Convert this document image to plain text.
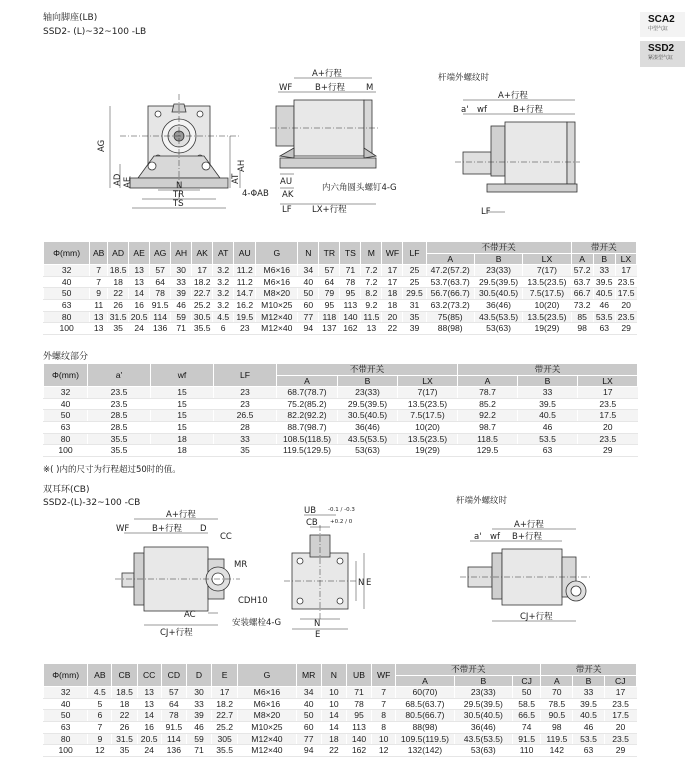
SCA2
中型气缸
SSD2
紧凑型气缸
轴向脚座(LB)
SSD2- (L)~32~100 -LB
AG
AD AE
AH
AT
N
TR
TS
4-ΦAB
A+行程
B+行程
WF	M
AU
AK
LF LX+行程
内六角圆头螺钉4-G
杆端外螺纹时
A+行程
a' wf	B+行程
LF
Φ(mm)	AB	AD	AE	AG	AH	AK	AT	AU	G	N	TR	TS	M	WF	LF	不带开关			带开关		
																A	B	LX	A	B	LX
32	7	18.5	13	57	30	17	3.2	11.2	M6×16	34	57	71	7.2	17	25	47.2(57.2)	23(33)	7(17)	57.2	33	17
40	7	18	13	64	33	18.2	3.2	11.2	M6×16	40	64	78	7.2	17	25	53.7(63.7)	29.5(39.5)	13.5(23.5)	63.7	39.5	23.5
50	9	22	14	78	39	22.7	3.2	14.7	M8×20	50	79	95	8.2	18	29.5	56.7(66.7)	30.5(40.5)	7.5(17.5)	66.7	40.5	17.5
63	11	26	16	91.5	46	25.2	3.2	16.2	M10×25	60	95	113	9.2	18	31	63.2(73.2)	36(46)	10(20)	73.2	46	20
80	13	31.5	20.5	114	59	30.5	4.5	19.5	M12×40	77	118	140	11.5	20	35	75(85)	43.5(53.5)	13.5(23.5)	85	53.5	23.5
100	13	35	24	136	71	35.5	6	23	M12×40	94	137	162	13	22	39	88(98)	53(63)	19(29)	98	63	29
外螺纹部分
Φ(mm)	a'	wf	LF	不带开关			带开关		
				A	B	LX	A	B	LX
32	23.5	15	23	68.7(78.7)	23(33)	7(17)	78.7	33	17
40	23.5	15	23	75.2(85.2)	29.5(39.5)	13.5(23.5)	85.2	39.5	23.5
50	28.5	15	26.5	82.2(92.2)	30.5(40.5)	7.5(17.5)	92.2	40.5	17.5
63	28.5	15	28	88.7(98.7)	36(46)	10(20)	98.7	46	20
80	35.5	18	33	108.5(118.5)	43.5(53.5)	13.5(23.5)	118.5	53.5	23.5
100	35.5	18	35	119.5(129.5)	53(63)	19(29)	129.5	63	29
※( )内的尺寸为行程超过50时的值。
双耳环(CB)
SSD2-(L)-32~100 -CB
A+行程
B+行程
WF	D
CC
MR
CDH10
AC
CJ+行程
安装螺栓4-G
UB
CB
N
E
N E
-0.1 / -0.3
+0.2 / 0
杆端外螺纹时
A+行程
a' wf B+行程
CJ+行程
Φ(mm)	AB	CB	CC	CD	D	E	G	MR	N	UB	WF	不带开关			带开关		
												A	B	CJ	A	B	CJ
32	4.5	18.5	13	57	30	17	M6×16	34	10	71	7	60(70)	23(33)	50	70	33	17
40	5	18	13	64	33	18.2	M6×16	40	10	78	7	68.5(63.7)	29.5(39.5)	58.5	78.5	39.5	23.5
50	6	22	14	78	39	22.7	M8×20	50	14	95	8	80.5(66.7)	30.5(40.5)	66.5	90.5	40.5	17.5
63	7	26	16	91.5	46	25.2	M10×25	60	14	113	8	88(98)	36(46)	74	98	46	20
80	9	31.5	20.5	114	59	305	M12×40	77	18	140	10	109.5(119.5)	43.5(53.5)	91.5	119.5	53.5	23.5
100	12	35	24	136	71	35.5	M12×40	94	22	162	12	132(142)	53(63)	110	142	63	29
